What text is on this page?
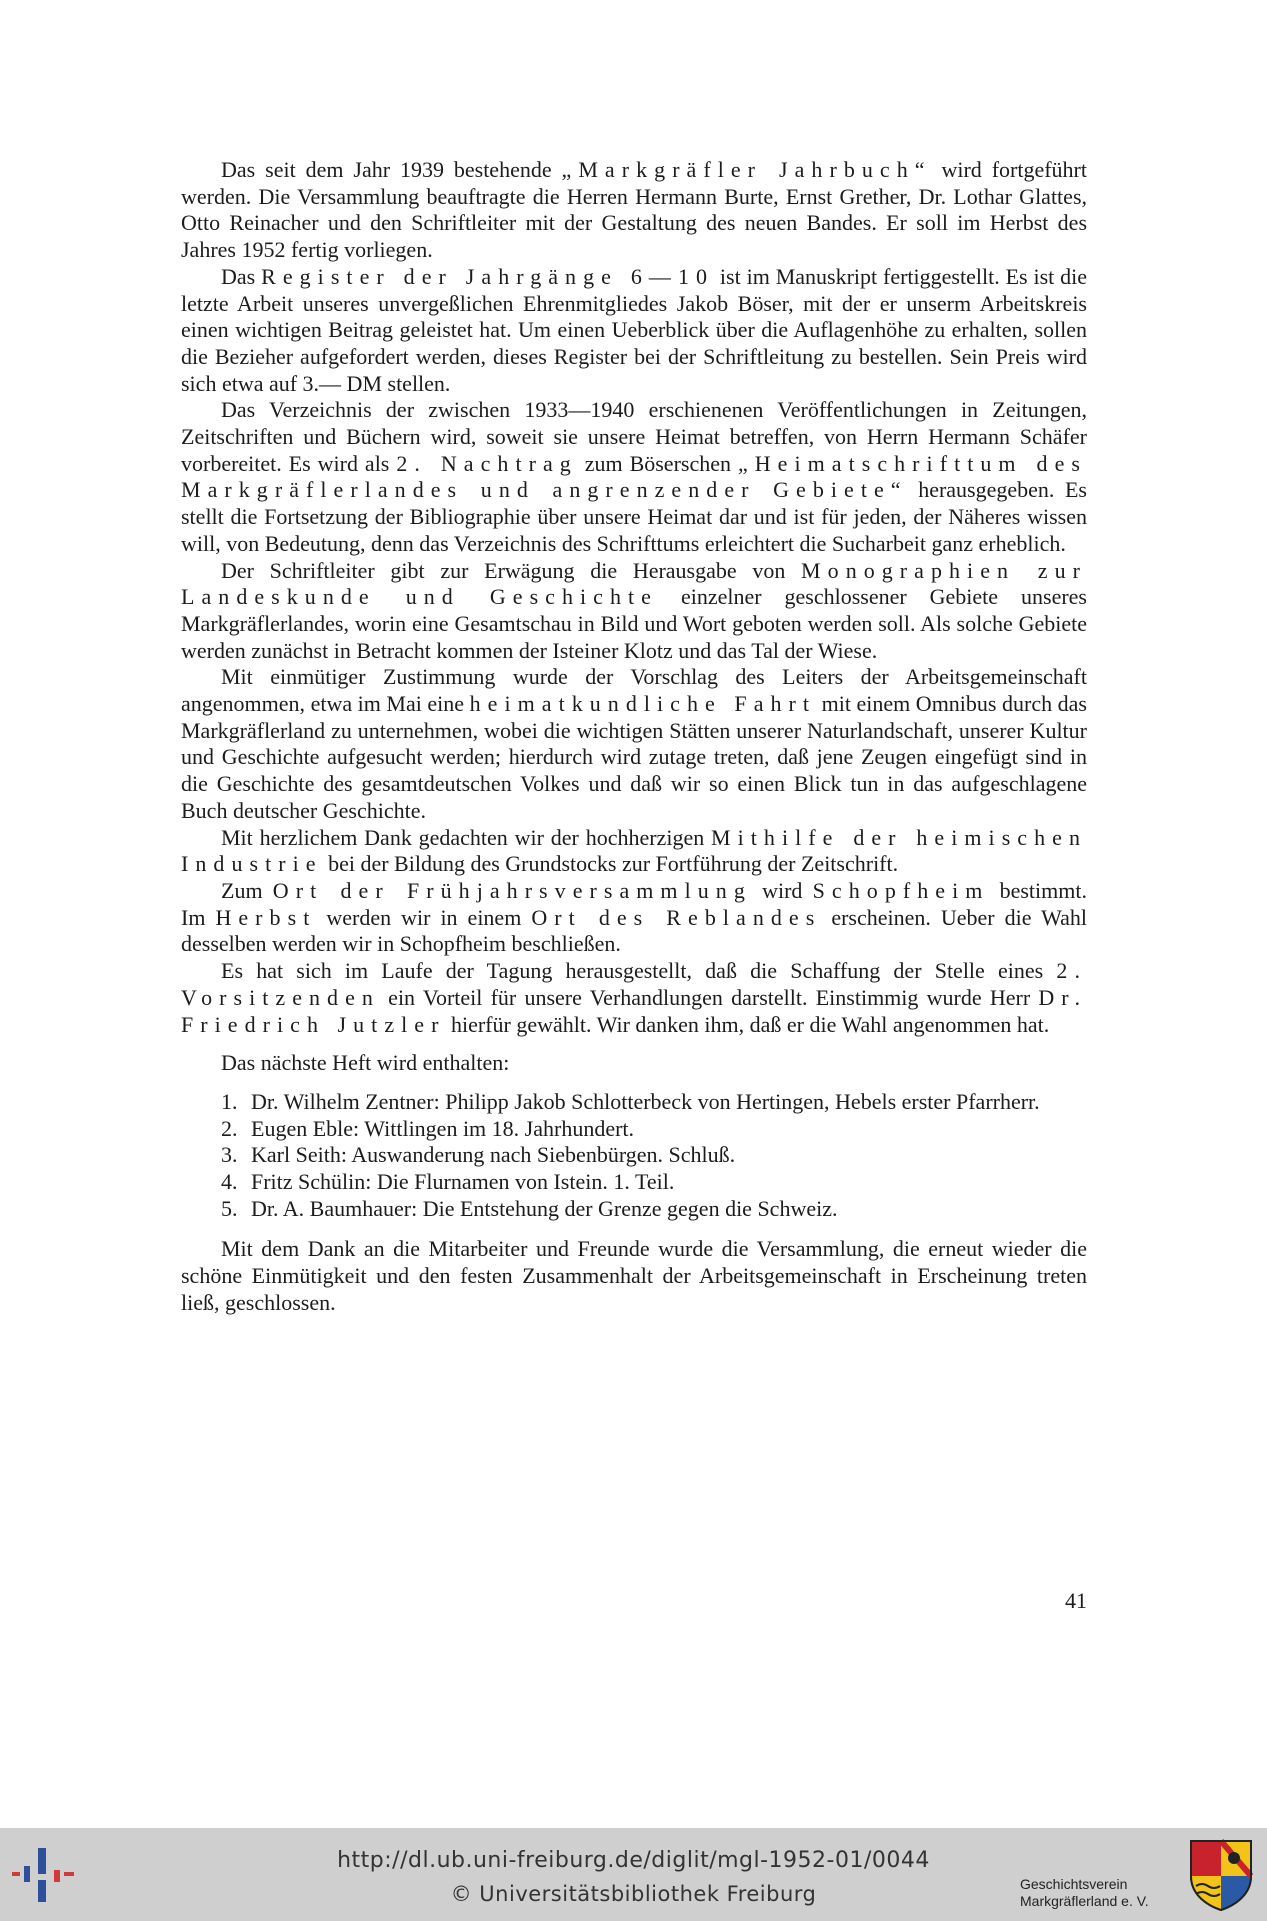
Das seit dem Jahr 1939 bestehende „Markgräfler Jahrbuch“ wird fortgeführt werden. Die Versammlung beauftragte die Herren Hermann Burte, Ernst Grether, Dr. Lothar Glattes, Otto Reinacher und den Schriftleiter mit der Gestaltung des neuen Bandes. Er soll im Herbst des Jahres 1952 fertig vorliegen.

Das Register der Jahrgänge 6—10 ist im Manuskript fertiggestellt. Es ist die letzte Arbeit unseres unvergeßlichen Ehrenmitgliedes Jakob Böser, mit der er unserm Arbeitskreis einen wichtigen Beitrag geleistet hat. Um einen Ueberblick über die Auflagenhöhe zu erhalten, sollen die Bezieher aufgefordert werden, dieses Register bei der Schriftleitung zu bestellen. Sein Preis wird sich etwa auf 3.— DM stellen.

Das Verzeichnis der zwischen 1933—1940 erschienenen Veröffentlichungen in Zeitungen, Zeitschriften und Büchern wird, soweit sie unsere Heimat betreffen, von Herrn Hermann Schäfer vorbereitet. Es wird als 2. Nachtrag zum Böserschen „Heimatschrifttum des Markgräflerlandes und angrenzender Gebiete“ herausgegeben. Es stellt die Fortsetzung der Bibliographie über unsere Heimat dar und ist für jeden, der Näheres wissen will, von Bedeutung, denn das Verzeichnis des Schrifttums erleichtert die Sucharbeit ganz erheblich.

Der Schriftleiter gibt zur Erwägung die Herausgabe von Monographien zur Landeskunde und Geschichte einzelner geschlossener Gebiete unseres Markgräflerlandes, worin eine Gesamtschau in Bild und Wort geboten werden soll. Als solche Gebiete werden zunächst in Betracht kommen der Isteiner Klotz und das Tal der Wiese.

Mit einmütiger Zustimmung wurde der Vorschlag des Leiters der Arbeitsgemeinschaft angenommen, etwa im Mai eine heimatkundliche Fahrt mit einem Omnibus durch das Markgräflerland zu unternehmen, wobei die wichtigen Stätten unserer Naturlandschaft, unserer Kultur und Geschichte aufgesucht werden; hierdurch wird zutage treten, daß jene Zeugen eingefügt sind in die Geschichte des gesamtdeutschen Volkes und daß wir so einen Blick tun in das aufgeschlagene Buch deutscher Geschichte.

Mit herzlichem Dank gedachten wir der hochherzigen Mithilfe der heimischen Industrie bei der Bildung des Grundstocks zur Fortführung der Zeitschrift.

Zum Ort der Frühjahrsversammlung wird Schopfheim bestimmt. Im Herbst werden wir in einem Ort des Reblandes erscheinen. Ueber die Wahl desselben werden wir in Schopfheim beschließen.

Es hat sich im Laufe der Tagung herausgestellt, daß die Schaffung der Stelle eines 2. Vorsitzenden ein Vorteil für unsere Verhandlungen darstellt. Einstimmig wurde Herr Dr. Friedrich Jutzler hierfür gewählt. Wir danken ihm, daß er die Wahl angenommen hat.

Das nächste Heft wird enthalten:

1. Dr. Wilhelm Zentner: Philipp Jakob Schlotterbeck von Hertingen, Hebels erster Pfarrherr.
2. Eugen Eble: Wittlingen im 18. Jahrhundert.
3. Karl Seith: Auswanderung nach Siebenbürgen. Schluß.
4. Fritz Schülin: Die Flurnamen von Istein. 1. Teil.
5. Dr. A. Baumhauer: Die Entstehung der Grenze gegen die Schweiz.

Mit dem Dank an die Mitarbeiter und Freunde wurde die Versammlung, die erneut wieder die schöne Einmütigkeit und den festen Zusammenhalt der Arbeitsgemeinschaft in Erscheinung treten ließ, geschlossen.

41
http://dl.ub.uni-freiburg.de/diglit/mgl-1952-01/0044
© Universitätsbibliothek Freiburg	Geschichtsverein
Markgräflerland e. V.
